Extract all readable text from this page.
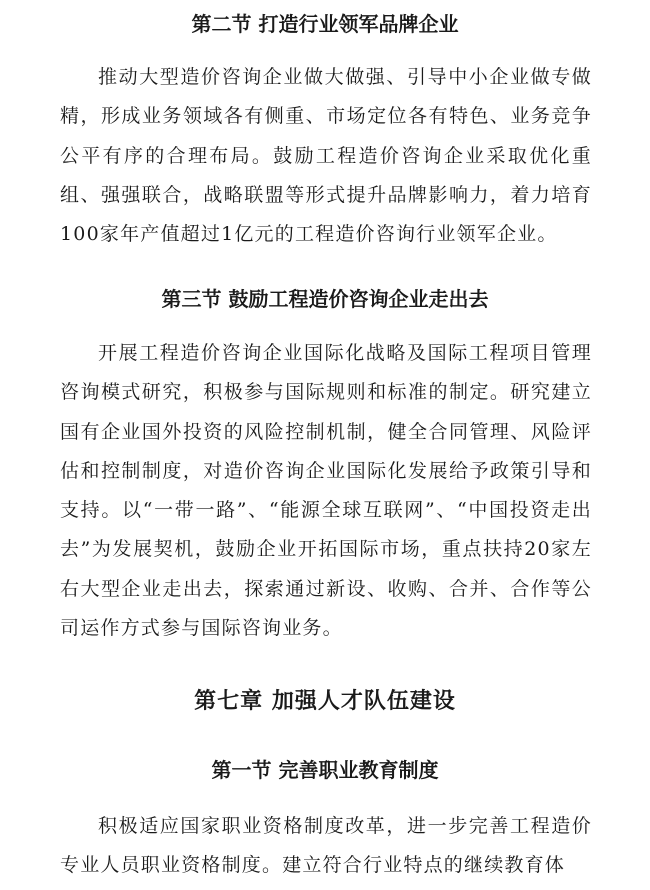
第二节 打造行业领军品牌企业
推动大型造价咨询企业做大做强、引导中小企业做专做精，形成业务领域各有侧重、市场定位各有特色、业务竞争公平有序的合理布局。鼓励工程造价咨询企业采取优化重组、强强联合，战略联盟等形式提升品牌影响力，着力培育100家年产值超过1亿元的工程造价咨询行业领军企业。
第三节 鼓励工程造价咨询企业走出去
开展工程造价咨询企业国际化战略及国际工程项目管理咨询模式研究，积极参与国际规则和标准的制定。研究建立国有企业国外投资的风险控制机制，健全合同管理、风险评估和控制制度，对造价咨询企业国际化发展给予政策引导和支持。以“一带一路”、“能源全球互联网”、“中国投资走出去”为发展契机，鼓励企业开拓国际市场，重点扶持20家左右大型企业走出去，探索通过新设、收购、合并、合作等公司运作方式参与国际咨询业务。
第七章 加强人才队伍建设
第一节 完善职业教育制度
积极适应国家职业资格制度改革，进一步完善工程造价专业人员职业资格制度。建立符合行业特点的继续教育体
